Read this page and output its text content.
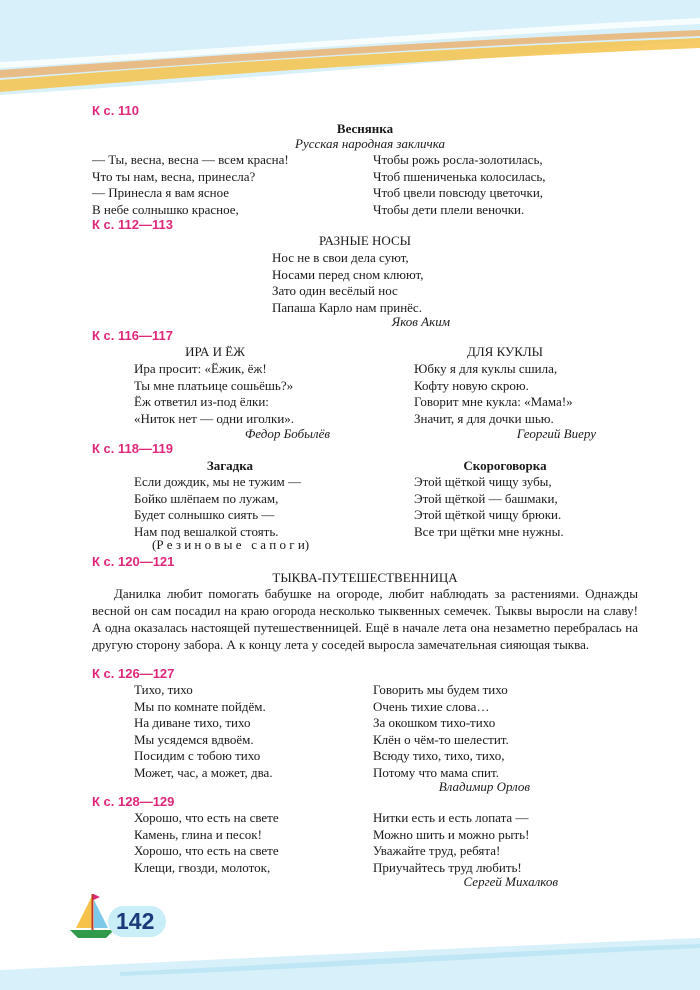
К с. 110
Веснянка
Русская народная закличка
— Ты, весна, весна — всем красна!
Что ты нам, весна, принесла?
— Принесла я вам ясное
В небе солнышко красное,
Чтобы рожь росла-золотилась,
Чтоб пшениченька колосилась,
Чтоб цвели повсюду цветочки,
Чтобы дети плели веночки.
К с. 112—113
РАЗНЫЕ НОСЫ
Нос не в свои дела суют,
Носами перед сном клюют,
Зато один весёлый нос
Папаша Карло нам принёс.
Яков Аким
К с. 116—117
ИРА И ЁЖ
Ира просит: «Ёжик, ёж!
Ты мне платьице сошьёшь?»
Ёж ответил из-под ёлки:
«Ниток нет — одни иголки».
Федор Бобылёв
ДЛЯ КУКЛЫ
Юбку я для куклы сшила,
Кофту новую скрою.
Говорит мне кукла: «Мама!»
Значит, я для дочки шью.
Георгий Виеру
К с. 118—119
Загадка
Если дождик, мы не тужим —
Бойко шлёпаем по лужам,
Будет солнышко сиять —
Нам под вешалкой стоять.
(Р е з и н о в ы е   с а п о г и)
Скороговорка
Этой щёткой чищу зубы,
Этой щёткой — башмаки,
Этой щёткой чищу брюки.
Все три щётки мне нужны.
К с. 120—121
ТЫКВА-ПУТЕШЕСТВЕННИЦА

Данилка любит помогать бабушке на огороде, любит наблюдать за растениями. Однажды весной он сам посадил на краю огорода несколько тыквенных семечек. Тыквы выросли на славу! А одна оказалась настоящей путешественницей. Ещё в начале лета она незаметно перебралась на другую сторону забора. А к концу лета у соседей выросла замечательная сияющая тыква.

К с. 126—127
Тихо, тихо
Мы по комнате пойдём.
На диване тихо, тихо
Мы усядемся вдвоём.
Посидим с тобою тихо
Может, час, а может, два.
Говорить мы будем тихо
Очень тихие слова…
За окошком тихо-тихо
Клён о чём-то шелестит.
Всюду тихо, тихо, тихо,
Потому что мама спит.
Владимир Орлов
К с. 128—129
Хорошо, что есть на свете
Камень, глина и песок!
Хорошо, что есть на свете
Клещи, гвозди, молоток,
Нитки есть и есть лопата —
Можно шить и можно рыть!
Уважайте труд, ребята!
Приучайтесь труд любить!
Сергей Михалков
142
